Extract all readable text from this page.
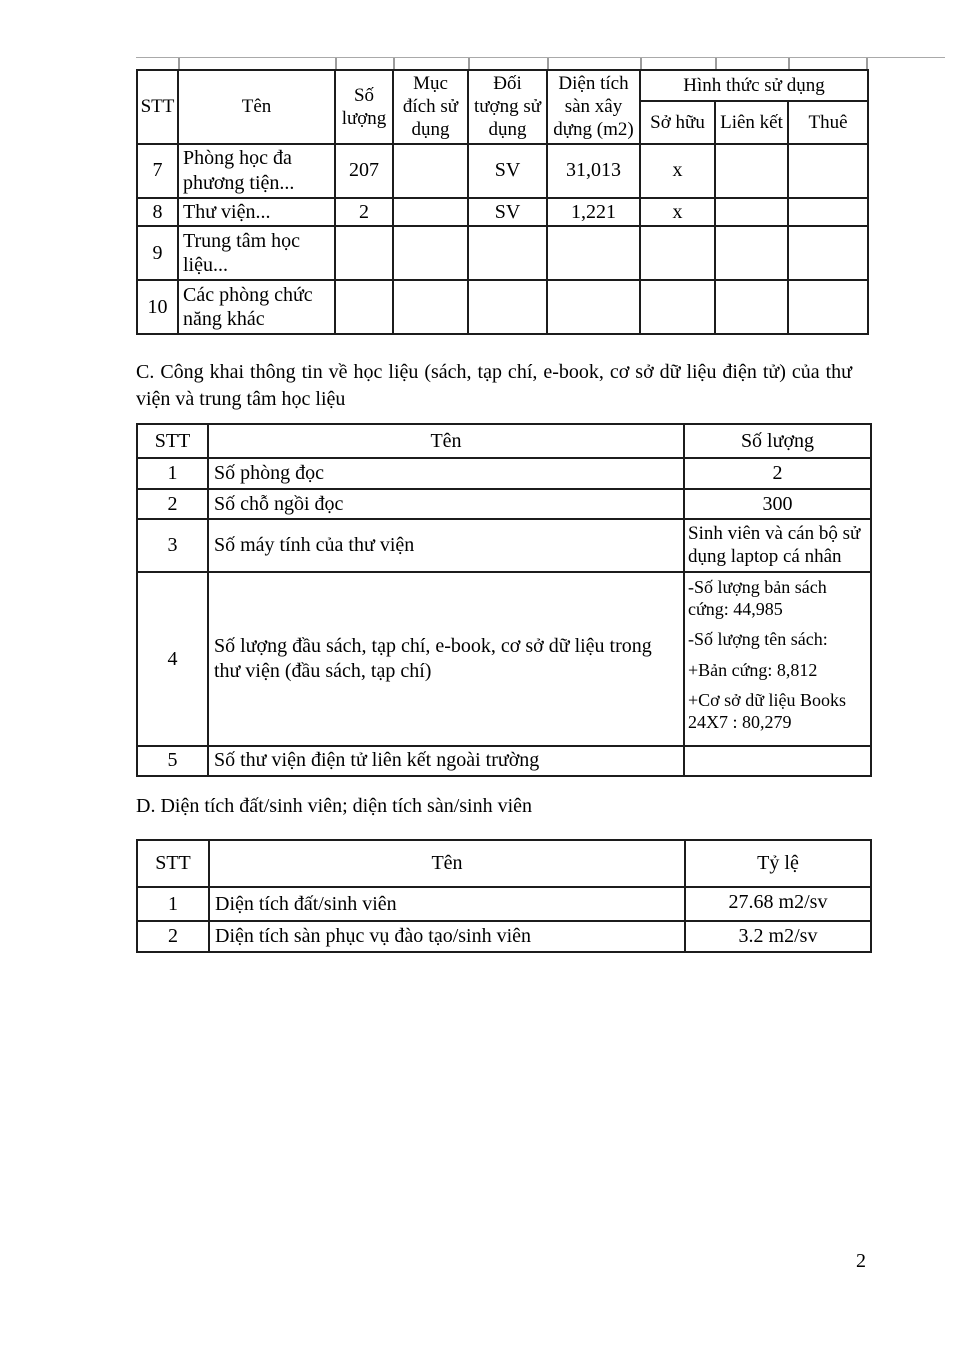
STT	Tên	Số lượng	Mục đích sử dụng	Đối tượng sử dụng	Diện tích sàn xây dựng (m2)	Hình thức sử dụng		
						Sở hữu	Liên kết	Thuê
7	Phòng học đa phương tiện...	207		SV	31,013	x		
8	Thư viện...	2		SV	1,221	x		
9	Trung tâm học liệu...							
10	Các phòng chức năng khác							
C. Công khai thông tin về học liệu (sách, tạp chí, e-book, cơ sở dữ liệu điện tử) của thư viện và trung tâm học liệu
STT	Tên	Số lượng
1	Số phòng đọc	2
2	Số chỗ ngồi đọc	300
3	Số máy tính của thư viện	Sinh viên và cán bộ sử dụng laptop cá nhân
4	Số lượng đầu sách, tạp chí, e-book, cơ sở dữ liệu trong thư viện (đầu sách, tạp chí)	-Số lượng bản sách cứng: 44,985
-Số lượng tên sách:
+Bản cứng: 8,812
+Cơ sở dữ liệu Books 24X7 : 80,279

5	Số thư viện điện tử liên kết ngoài trường	
D. Diện tích đất/sinh viên; diện tích sàn/sinh viên
STT	Tên	Tỷ lệ
1	Diện tích đất/sinh viên	27.68 m2/sv
2	Diện tích sàn phục vụ đào tạo/sinh viên	3.2 m2/sv
2
